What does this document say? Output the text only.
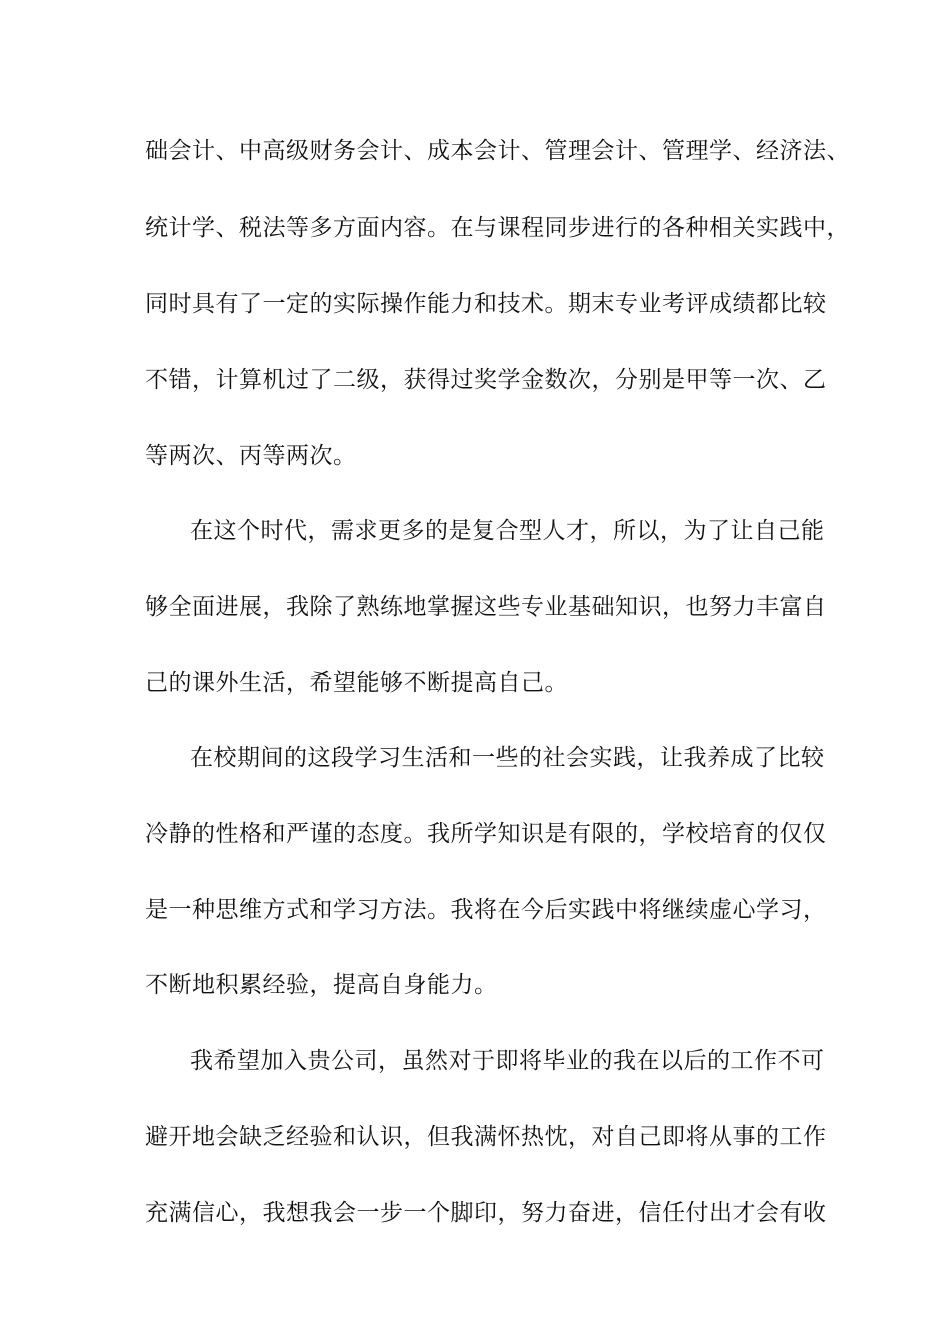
础会计、中高级财务会计、成本会计、管理会计、管理学、经济法、

统计学、税法等多方面内容。在与课程同步进行的各种相关实践中，

同时具有了一定的实际操作能力和技术。期末专业考评成绩都比较

不错，计算机过了二级，获得过奖学金数次，分别是甲等一次、乙

等两次、丙等两次。

在这个时代，需求更多的是复合型人才，所以，为了让自己能

够全面进展，我除了熟练地掌握这些专业基础知识，也努力丰富自

己的课外生活，希望能够不断提高自己。

在校期间的这段学习生活和一些的社会实践，让我养成了比较

冷静的性格和严谨的态度。我所学知识是有限的，学校培育的仅仅

是一种思维方式和学习方法。我将在今后实践中将继续虚心学习，

不断地积累经验，提高自身能力。

我希望加入贵公司，虽然对于即将毕业的我在以后的工作不可

避开地会缺乏经验和认识，但我满怀热忱，对自己即将从事的工作

充满信心，我想我会一步一个脚印，努力奋进，信任付出才会有收
